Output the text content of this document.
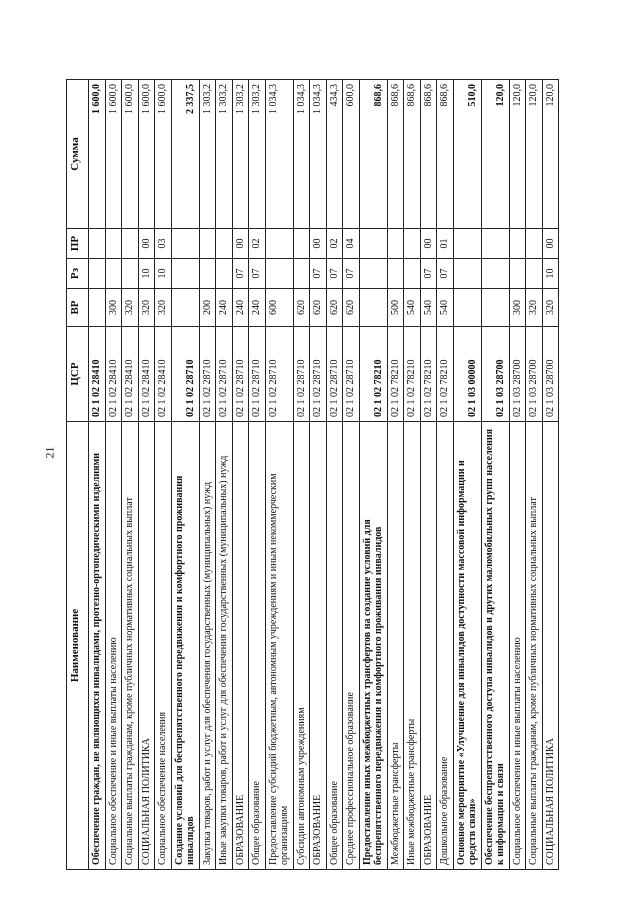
21
Наименование	ЦСР	ВР	Рз	ПР	Сумма
Обеспечение граждан, не являющихся инвалидами, протезно-ортопедическими изделиями	02 1 02 28410				1 600,0
Социальное обеспечение и иные выплаты населению	02 1 02 28410	300			1 600,0
Социальные выплаты гражданам, кроме публичных нормативных социальных выплат	02 1 02 28410	320			1 600,0
СОЦИАЛЬНАЯ ПОЛИТИКА	02 1 02 28410	320	10	00	1 600,0
Социальное обеспечение населения	02 1 02 28410	320	10	03	1 600,0
Создание условий для беспрепятственного передвижения и комфортного проживания инвалидов	02 1 02 28710				2 337,5
Закупка товаров, работ и услуг для обеспечения государственных (муниципальных) нужд	02 1 02 28710	200			1 303,2
Иные закупки товаров, работ и услуг для обеспечения государственных (муниципальных) нужд	02 1 02 28710	240			1 303,2
ОБРАЗОВАНИЕ	02 1 02 28710	240	07	00	1 303,2
Общее образование	02 1 02 28710	240	07	02	1 303,2
Предоставление субсидий бюджетным, автономным учреждениям и иным некоммерческим организациям	02 1 02 28710	600			1 034,3
Субсидии автономным учреждениям	02 1 02 28710	620			1 034,3
ОБРАЗОВАНИЕ	02 1 02 28710	620	07	00	1 034,3
Общее образование	02 1 02 28710	620	07	02	434,3
Среднее профессиональное образование	02 1 02 28710	620	07	04	600,0
Предоставление иных межбюджетных трансфертов на создание условий для беспрепятственного передвижения и комфортного проживания инвалидов	02 1 02 78210				868,6
Межбюджетные трансферты	02 1 02 78210	500			868,6
Иные межбюджетные трансферты	02 1 02 78210	540			868,6
ОБРАЗОВАНИЕ	02 1 02 78210	540	07	00	868,6
Дошкольное образование	02 1 02 78210	540	07	01	868,6
Основное мероприятие «Улучшение для инвалидов доступности массовой информации и средств связи»	02 1 03 00000				510,0
Обеспечение беспрепятственного доступа инвалидов и других маломобильных групп населения к информации и связи	02 1 03 28700				120,0
Социальное обеспечение и иные выплаты населению	02 1 03 28700	300			120,0
Социальные выплаты гражданам, кроме публичных нормативных социальных выплат	02 1 03 28700	320			120,0
СОЦИАЛЬНАЯ ПОЛИТИКА	02 1 03 28700	320	10	00	120,0
